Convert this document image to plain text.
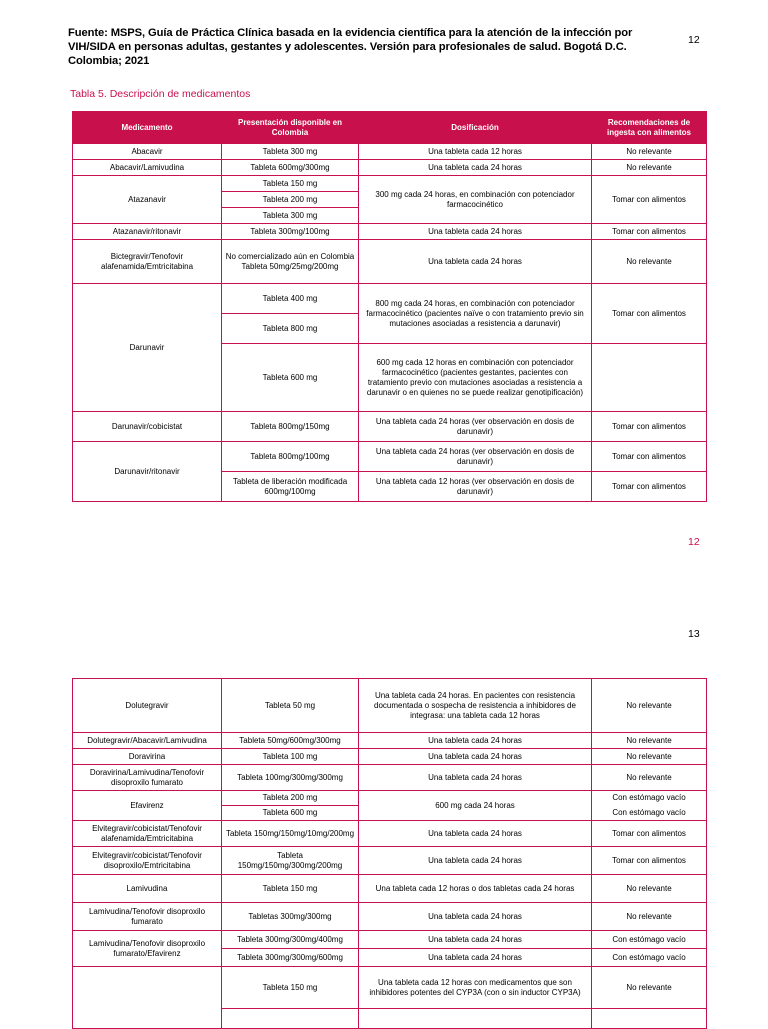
Fuente: MSPS, Guía de Práctica Clínica basada en la evidencia científica para la atención de la infección por VIH/SIDA en personas adultas, gestantes y adolescentes. Versión para profesionales de salud. Bogotá D.C. Colombia; 2021
12
Tabla 5. Descripción de medicamentos
Medicamento	Presentación disponible en Colombia	Dosificación	Recomendaciones de ingesta con alimentos
Abacavir	Tableta 300 mg	Una tableta cada 12 horas	No relevante
Abacavir/Lamivudina	Tableta 600mg/300mg	Una tableta cada 24 horas	No relevante
Atazanavir	Tableta 150 mg	300 mg cada 24 horas, en combinación con potenciador farmacocinético	Tomar con alimentos
	Tableta 200 mg		
	Tableta 300 mg		
Atazanavir/ritonavir	Tableta 300mg/100mg	Una tableta cada 24 horas	Tomar con alimentos
Bictegravir/Tenofovir alafenamida/Emtricitabina	No comercializado aún en Colombia Tableta 50mg/25mg/200mg	Una tableta cada 24 horas	No relevante
Darunavir	Tableta 400 mg	800 mg cada 24 horas, en combinación con potenciador farmacocinético (pacientes naïve o con tratamiento previo sin mutaciones asociadas a resistencia a darunavir)	Tomar con alimentos
	Tableta 800 mg		
	Tableta 600 mg	600 mg cada 12 horas en combinación con potenciador farmacocinético (pacientes gestantes, pacientes con tratamiento previo con mutaciones asociadas a resistencia a darunavir o en quienes no se puede realizar genotipificación)	
Darunavir/cobicistat	Tableta 800mg/150mg	Una tableta cada 24 horas (ver observación en dosis de darunavir)	Tomar con alimentos
Darunavir/ritonavir	Tableta 800mg/100mg	Una tableta cada 24 horas (ver observación en dosis de darunavir)	Tomar con alimentos
	Tableta de liberación modificada 600mg/100mg	Una tableta cada 12 horas (ver observación en dosis de darunavir)	Tomar con alimentos
12
13
Dolutegravir	Tableta 50 mg	Una tableta cada 24 horas. En pacientes con resistencia documentada o sospecha de resistencia a inhibidores de integrasa: una tableta cada 12 horas	No relevante
Dolutegravir/Abacavir/Lamivudina	Tableta 50mg/600mg/300mg	Una tableta cada 24 horas	No relevante
Doravirina	Tableta 100 mg	Una tableta cada 24 horas	No relevante
Doravirina/Lamivudina/Tenofovir disoproxilo fumarato	Tableta 100mg/300mg/300mg	Una tableta cada 24 horas	No relevante
Efavirenz	Tableta 200 mg	600 mg cada 24 horas	Con estómago vacío
	Tableta 600 mg		Con estómago vacío
Elvitegravir/cobicistat/Tenofovir alafenamida/Emtricitabina	Tableta 150mg/150mg/10mg/200mg	Una tableta cada 24 horas	Tomar con alimentos
Elvitegravir/cobicistat/Tenofovir disoproxilo/Emtricitabina	Tableta 150mg/150mg/300mg/200mg	Una tableta cada 24 horas	Tomar con alimentos
Lamivudina	Tableta 150 mg	Una tableta cada 12 horas o dos tabletas cada 24 horas	No relevante
Lamivudina/Tenofovir disoproxilo fumarato	Tabletas 300mg/300mg	Una tableta cada 24 horas	No relevante
Lamivudina/Tenofovir disoproxilo fumarato/Efavirenz	Tableta 300mg/300mg/400mg	Una tableta cada 24 horas	Con estómago vacío
	Tableta 300mg/300mg/600mg	Una tableta cada 24 horas	Con estómago vacío
	Tableta 150 mg	Una tableta cada 12 horas con medicamentos que son inhibidores potentes del CYP3A (con o sin inductor CYP3A)	No relevante
